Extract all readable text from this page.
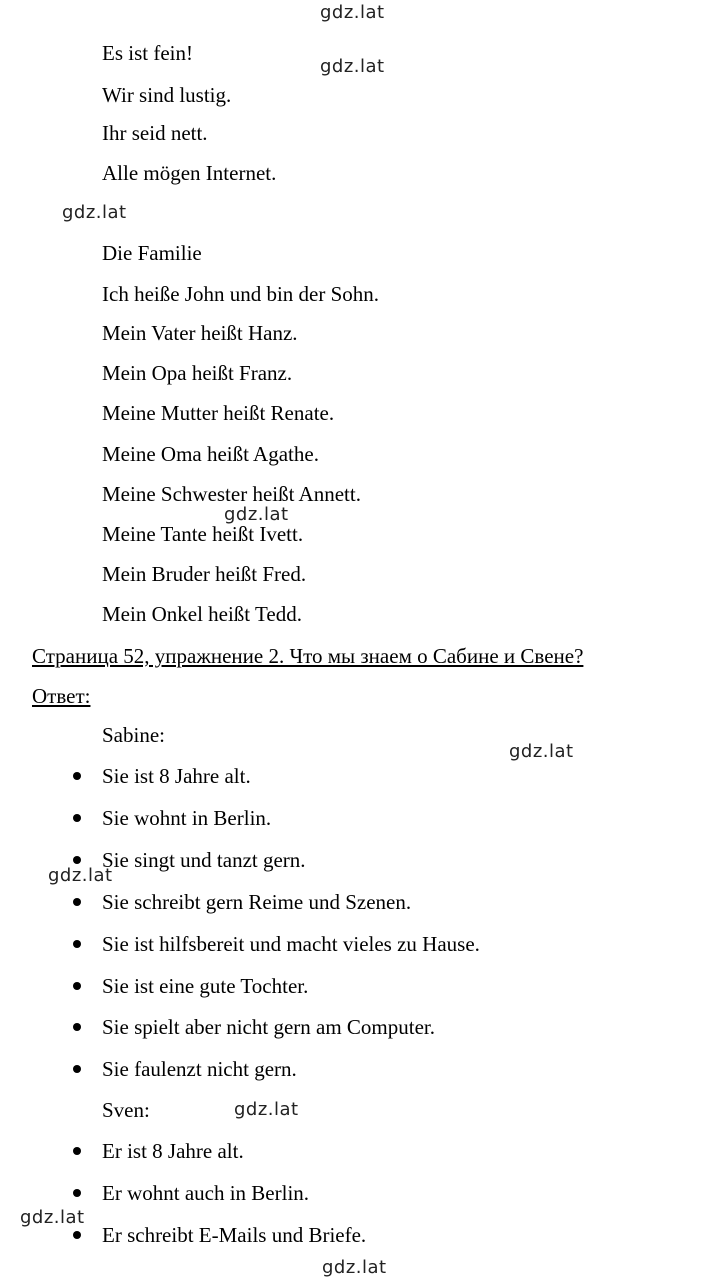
Es ist fein!
Wir sind lustig.
Ihr seid nett.
Alle mögen Internet.
Die Familie
Ich heiße John und bin der Sohn.
Mein Vater heißt Hanz.
Mein Opa heißt Franz.
Meine Mutter heißt Renate.
Meine Oma heißt Agathe.
Meine Schwester heißt Annett.
Meine Tante heißt Ivett.
Mein Bruder heißt Fred.
Mein Onkel heißt Tedd.
Страница 52, упражнение 2. Что мы знаем о Сабине и Свене?
Ответ:
Sabine:
Sie ist 8 Jahre alt.
Sie wohnt in Berlin.
Sie singt und tanzt gern.
Sie schreibt gern Reime und Szenen.
Sie ist hilfsbereit und macht vieles zu Hause.
Sie ist eine gute Tochter.
Sie spielt aber nicht gern am Computer.
Sie faulenzt nicht gern.
Sven:
Er ist 8 Jahre alt.
Er wohnt auch in Berlin.
Er schreibt E-Mails und Briefe.
gdz.lat
gdz.lat
gdz.lat
gdz.lat
gdz.lat
gdz.lat
gdz.lat
gdz.lat
gdz.lat
